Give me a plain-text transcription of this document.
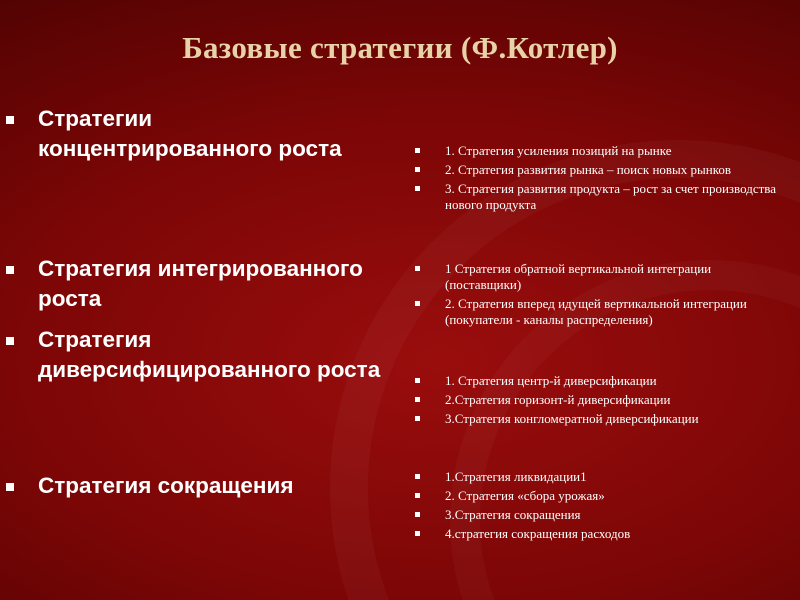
Базовые стратегии (Ф.Котлер)
Стратегии концентрированного роста
Стратегия интегрированного роста
Стратегия диверсифицированного роста
Стратегия сокращения
1. Стратегия усиления позиций на рынке
2. Стратегия развития рынка – поиск новых рынков
3. Стратегия развития продукта – рост за счет производства нового продукта
1 Стратегия обратной вертикальной интеграции (поставщики)
2. Стратегия вперед идущей вертикальной интеграции (покупатели - каналы распределения)
1. Стратегия центр-й диверсификации
2.Стратегия горизонт-й диверсификации
3.Стратегия конгломератной диверсификации
1.Стратегия ликвидации1
2. Стратегия «сбора урожая»
3.Стратегия сокращения
4.стратегия сокращения расходов
